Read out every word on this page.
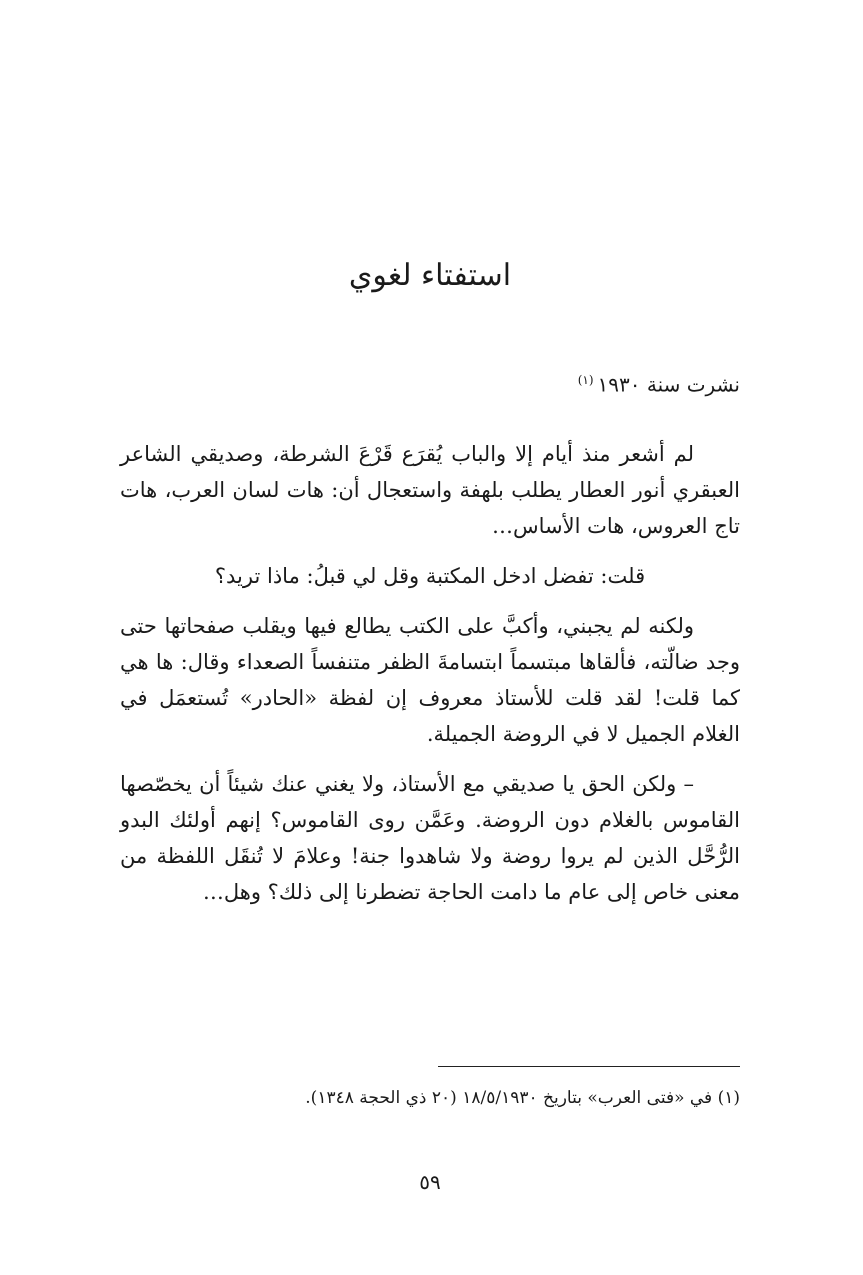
استفتاء لغوي
نشرت سنة ١٩٣٠$^{(١)}$

لم أشعر منذ أيام إلا والباب يُقرَع قَرْعَ الشرطة، وصديقي الشاعر العبقري أنور العطار يطلب بلهفة واستعجال أن: هات لسان العرب، هات تاج العروس، هات الأساس…

قلت: تفضل ادخل المكتبة وقل لي قبلُ: ماذا تريد؟

ولكنه لم يجبني، وأكبَّ على الكتب يطالع فيها ويقلب صفحاتها حتى وجد ضالّته، فألقاها مبتسماً ابتسامةَ الظفر متنفساً الصعداء وقال: ها هي كما قلت! لقد قلت للأستاذ معروف إن لفظة «الحادر» تُستعمَل في الغلام الجميل لا في الروضة الجميلة.

– ولكن الحق يا صديقي مع الأستاذ، ولا يغني عنك شيئاً أن يخصّصها القاموس بالغلام دون الروضة. وعَمَّن روى القاموس؟ إنهم أولئك البدو الرُّحَّل الذين لم يروا روضة ولا شاهدوا جنة! وعلامَ لا تُنقَل اللفظة من معنى خاص إلى عام ما دامت الحاجة تضطرنا إلى ذلك؟ وهل…

(١) في «فتى العرب» بتاريخ ١٨/٥/١٩٣٠ (٢٠ ذي الحجة ١٣٤٨).
٥٩
